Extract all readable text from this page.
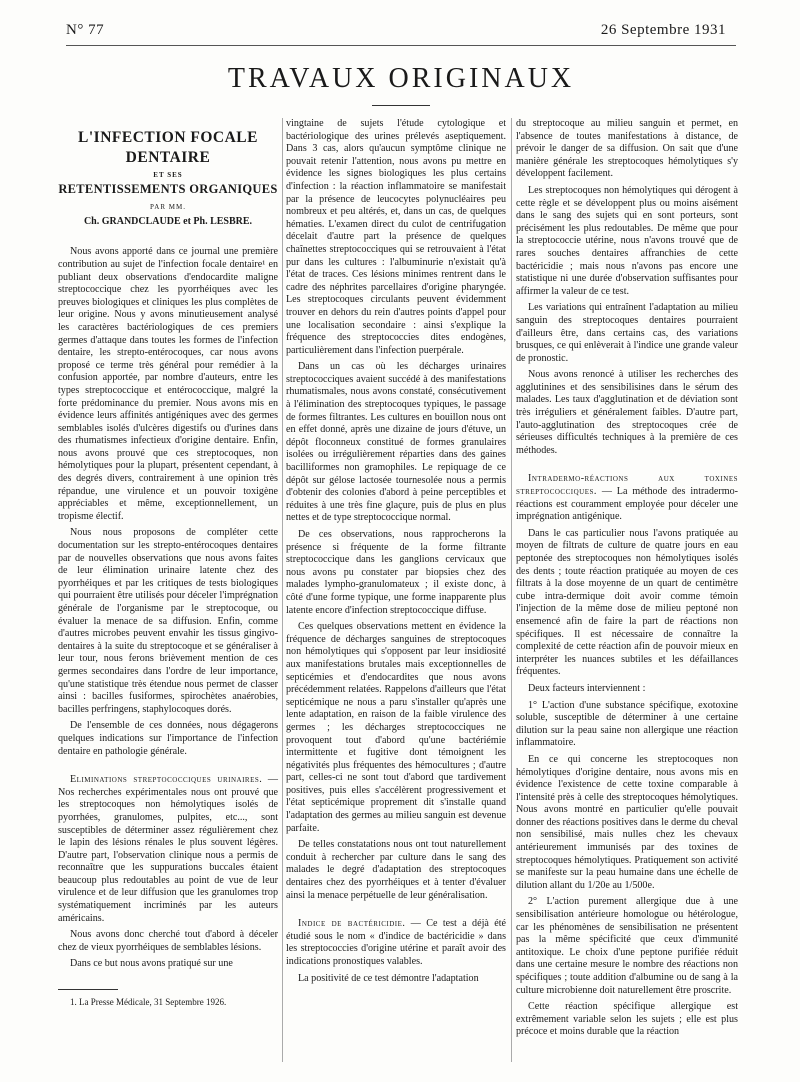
N° 77	26 Septembre 1931
TRAVAUX ORIGINAUX
L'INFECTION FOCALE
DENTAIRE
ET SES
RETENTISSEMENTS ORGANIQUES
PAR MM.
Ch. GRANDCLAUDE et Ph. LESBRE.

Nous avons apporté dans ce journal une première contribution au sujet de l'infection focale dentaire¹ en publiant deux observations d'endocardite maligne streptococcique chez les pyorrhéiques avec les preuves biologiques et cliniques les plus complètes de leur origine. Nous y avons minutieusement analysé les caractères bactériologiques de ces premiers germes d'attaque dans toutes les formes de l'infection dentaire, les strepto-entérocoques, car nous avons proposé ce terme très général pour remédier à la confusion apportée, par nombre d'auteurs, entre les types streptococcique et entérococcique, malgré la forte prédominance du premier. Nous avons mis en évidence leurs affinités antigéniques avec des germes semblables isolés d'ulcères digestifs ou d'urines dans des rhumatismes infectieux d'origine dentaire. Enfin, nous avons prouvé que ces streptocoques, non hémolytiques pour la plupart, présentent cependant, à des degrés divers, contrairement à une opinion très répandue, une virulence et un pouvoir toxigène appréciables et même, exceptionnellement, un tropisme électif.

Nous nous proposons de compléter cette documentation sur les strepto-entérocoques dentaires par de nouvelles observations que nous avons faites de leur élimination urinaire latente chez des pyorrhéiques et par les critiques de tests biologiques qui pourraient être utilisés pour déceler l'imprégnation générale de l'organisme par le streptocoque, ou évaluer la menace de sa diffusion. Enfin, comme d'autres microbes peuvent envahir les tissus gingivo-dentaires à la suite du streptocoque et se généraliser à leur tour, nous ferons brièvement mention de ces germes secondaires dans l'ordre de leur importance, qu'une statistique très étendue nous permet de classer ainsi : bacilles fusiformes, spirochètes anaérobies, bacilles perfringens, staphylocoques dorés.

De l'ensemble de ces données, nous dégagerons quelques indications sur l'importance de l'infection dentaire en pathologie générale.

Eliminations streptococciques urinaires. — Nos recherches expérimentales nous ont prouvé que les streptocoques non hémolytiques isolés de pyorrhées, granulomes, pulpites, etc..., sont susceptibles de déterminer assez régulièrement chez le lapin des lésions rénales le plus souvent légères. D'autre part, l'observation clinique nous a permis de reconnaître que les suppurations buccales étaient beaucoup plus redoutables au point de vue de leur virulence et de leur diffusion que les granulomes trop systématiquement incriminés par les auteurs américains.

Nous avons donc cherché tout d'abord à déceler chez de vieux pyorrhéiques de semblables lésions.

Dans ce but nous avons pratiqué sur une

1. La Presse Médicale, 31 Septembre 1926.

vingtaine de sujets l'étude cytologique et bactériologique des urines prélevés aseptiquement. Dans 3 cas, alors qu'aucun symptôme clinique ne pouvait retenir l'attention, nous avons pu mettre en évidence les signes biologiques les plus certains d'infection : la réaction inflammatoire se manifestait par la présence de leucocytes polynucléaires peu nombreux et peu altérés, et, dans un cas, de quelques hématies. L'examen direct du culot de centrifugation décelait d'autre part la présence de quelques chaînettes streptococciques qui se retrouvaient à l'état pur dans les cultures : l'albuminurie n'existait qu'à l'état de traces. Ces lésions minimes rentrent dans le cadre des néphrites parcellaires d'origine pharyngée. Les streptocoques circulants peuvent évidemment trouver en dehors du rein d'autres points d'appel pour une localisation secondaire : ainsi s'explique la fréquence des streptococcies dites endogènes, particulièrement dans l'infection puerpérale.

Dans un cas où les décharges urinaires streptococciques avaient succédé à des manifestations rhumatismales, nous avons constaté, consécutivement à l'élimination des streptocoques typiques, le passage de formes filtrantes. Les cultures en bouillon nous ont en effet donné, après une dizaine de jours d'étuve, un dépôt floconneux constitué de formes granulaires isolées ou irrégulièrement réparties dans des gaines bacilliformes non gramophiles. Le repiquage de ce dépôt sur gélose lactosée tournesolée nous a permis d'obtenir des colonies d'abord à peine perceptibles et réduites à une très fine glaçure, puis de plus en plus nettes et de type streptococcique normal.

De ces observations, nous rapprocherons la présence si fréquente de la forme filtrante streptococcique dans les ganglions cervicaux que nous avons pu constater par biopsies chez des malades lympho-granulomateux ; il existe donc, à côté d'une forme typique, une forme inapparente plus latente encore d'infection streptococcique diffuse.

Ces quelques observations mettent en évidence la fréquence de décharges sanguines de streptocoques non hémolytiques qui s'opposent par leur insidiosité aux manifestations brutales mais exceptionnelles de septicémies et d'endocardites que nous avons précédemment relatées. Rappelons d'ailleurs que l'état septicémique ne nous a paru s'installer qu'après une lente adaptation, en raison de la faible virulence des germes ; les décharges streptococciques ne provoquent tout d'abord qu'une bactériémie intermittente et fugitive dont témoignent les négativités plus fréquentes des hémocultures ; d'autre part, celles-ci ne sont tout d'abord que tardivement positives, puis elles s'accélèrent progressivement et l'état septicémique proprement dit s'installe quand l'adaptation des germes au milieu sanguin est devenue parfaite.

De telles constatations nous ont tout naturellement conduit à rechercher par culture dans le sang des malades le degré d'adaptation des streptocoques dentaires chez des pyorrhéiques et à tenter d'évaluer ainsi la menace perpétuelle de leur généralisation.

Indice de bactéricidie. — Ce test a déjà été étudié sous le nom « d'indice de bactéricidie » dans les streptococcies d'origine utérine et paraît avoir des indications pronostiques valables.

La positivité de ce test démontre l'adaptation

du streptocoque au milieu sanguin et permet, en l'absence de toutes manifestations à distance, de prévoir le danger de sa diffusion. On sait que d'une manière générale les streptocoques hémolytiques s'y développent facilement.

Les streptocoques non hémolytiques qui dérogent à cette règle et se développent plus ou moins aisément dans le sang des sujets qui en sont porteurs, sont précisément les plus redoutables. De même que pour la streptococcie utérine, nous n'avons trouvé que de rares souches dentaires affranchies de cette bactéricidie ; mais nous n'avons pas encore une statistique ni une durée d'observation suffisantes pour affirmer la valeur de ce test.

Les variations qui entraînent l'adaptation au milieu sanguin des streptocoques dentaires pourraient d'ailleurs être, dans certains cas, des variations brusques, ce qui enlèverait à l'indice une grande valeur de pronostic.

Nous avons renoncé à utiliser les recherches des agglutinines et des sensibilisines dans le sérum des malades. Les taux d'agglutination et de déviation sont très irréguliers et généralement faibles. D'autre part, l'auto-agglutination des streptocoques crée de sérieuses difficultés techniques à la première de ces méthodes.

Intradermo-réactions aux toxines streptococciques. — La méthode des intradermo-réactions est couramment employée pour déceler une imprégnation antigénique.

Dans le cas particulier nous l'avons pratiquée au moyen de filtrats de culture de quatre jours en eau peptonée des streptocoques non hémolytiques isolés des dents ; toute réaction pratiquée au moyen de ces filtrats à la dose moyenne de un quart de centimètre cube intra-dermique doit avoir comme témoin l'injection de la même dose de milieu peptoné non ensemencé afin de faire la part de réactions non spécifiques. Il est nécessaire de connaître la complexité de cette réaction afin de pouvoir mieux en interpréter les nuances subtiles et les défaillances fréquentes.

Deux facteurs interviennent :

1° L'action d'une substance spécifique, exotoxine soluble, susceptible de déterminer à une certaine dilution sur la peau saine non allergique une réaction inflammatoire.

En ce qui concerne les streptocoques non hémolytiques d'origine dentaire, nous avons mis en évidence l'existence de cette toxine comparable à l'intensité près à celle des streptocoques hémolytiques. Nous avons montré en particulier qu'elle pouvait donner des réactions positives dans le derme du cheval non sensibilisé, mais nulles chez les chevaux antérieurement immunisés par des toxines de streptocoques hémolytiques. Pratiquement son activité se manifeste sur la peau humaine dans une échelle de dilution allant du 1/20e au 1/500e.

2° L'action purement allergique due à une sensibilisation antérieure homologue ou hétérologue, car les phénomènes de sensibilisation ne présentent pas la même spécificité que ceux d'immunité antitoxique. Le choix d'une peptone purifiée réduit dans une certaine mesure le nombre des réactions non spécifiques ; toute addition d'albumine ou de sang à la culture microbienne doit naturellement être proscrite.

Cette réaction spécifique allergique est extrêmement variable selon les sujets ; elle est plus précoce et moins durable que la réaction
